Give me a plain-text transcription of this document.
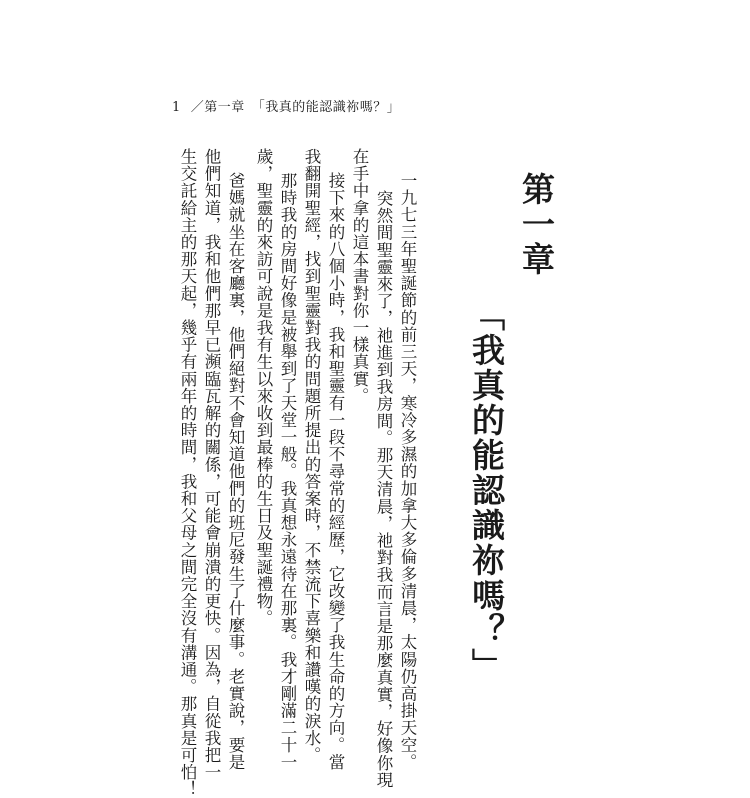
1 ／第一章　「我真的能認識祢嗎？」
第一章
「我真的能認識祢嗎？」
一九七三年聖誕節的前三天，寒冷多濕的加拿大多倫多清晨，太陽仍高掛天空。
突然間聖靈來了，祂進到我房間。那天清晨，祂對我而言是那麼真實，好像你現
在手中拿的這本書對你一樣真實。
接下來的八個小時，我和聖靈有一段不尋常的經歷，它改變了我生命的方向。當
我翻開聖經，找到聖靈對我的問題所提出的答案時，不禁流下喜樂和讚嘆的淚水。
那時我的房間好像是被舉到了天堂一般。我真想永遠待在那裏。我才剛滿二十一
歲，聖靈的來訪可說是我有生以來收到最棒的生日及聖誕禮物。
爸媽就坐在客廳裏，他們絕對不會知道他們的班尼發生了什麼事。老實說，要是
他們知道，我和他們那早已瀕臨瓦解的關係，可能會崩潰的更快。因為，自從我把一
生交託給主的那天起，幾乎有兩年的時間，我和父母之間完全沒有溝通。那真是可怕！
